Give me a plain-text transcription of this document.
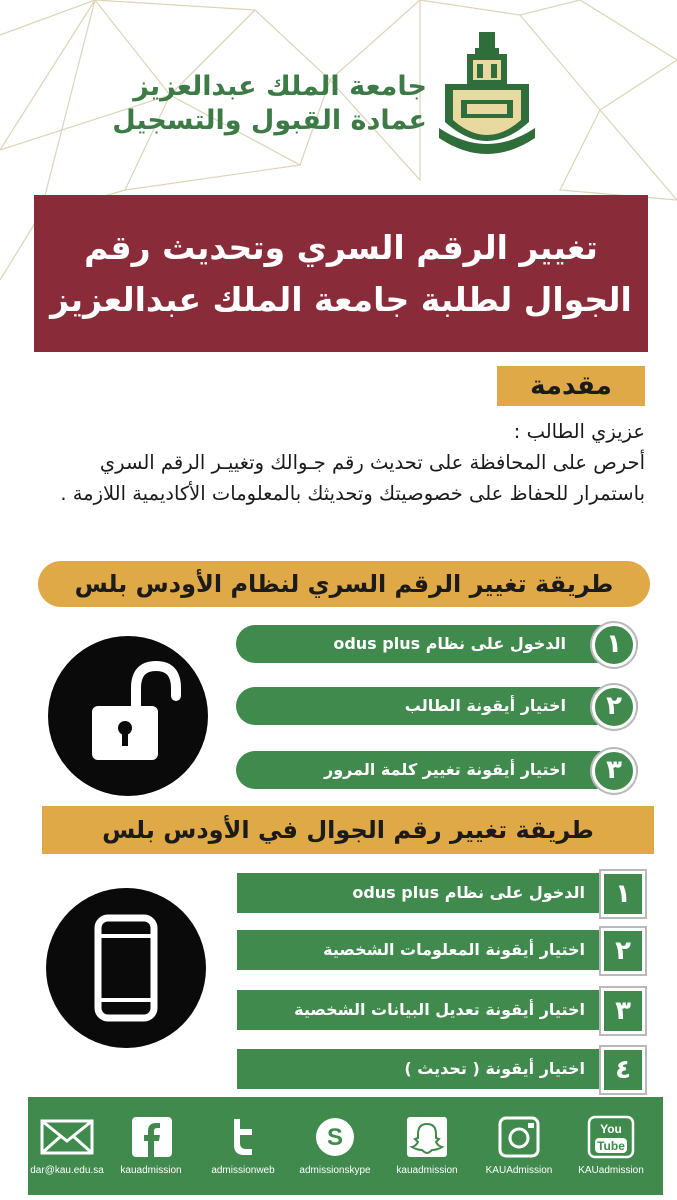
جامعة الملك عبدالعزيز
عمادة القبول والتسجيل
تغيير الرقم السري وتحديث رقم
الجوال لطلبة جامعة الملك عبدالعزيز
مقدمة
عزيزي الطالب :
أحرص على المحافظة على تحديث رقم جـوالك وتغييـر الرقم السري باستمرار للحفاظ على خصوصيتك وتحديثك بالمعلومات الأكاديمية اللازمة .
طريقة تغيير الرقم السري لنظام الأودس بلس
١
الدخول على نظام odus plus
٢
اختيار أيقونة الطالب
٣
اختيار أيقونة تغيير كلمة المرور
طريقة تغيير رقم الجوال في الأودس بلس
١
الدخول على نظام odus plus
٢
اختيار أيقونة المعلومات الشخصية
٣
اختيار أيقونة تعديل البيانات الشخصية
٤
اختيار أيقونة ( تحديث )
You
Tube
KAUadmission
KAUAdmission
kauadmission
S
admissionskype
admissionweb
kauadmission
dar@kau.edu.sa
